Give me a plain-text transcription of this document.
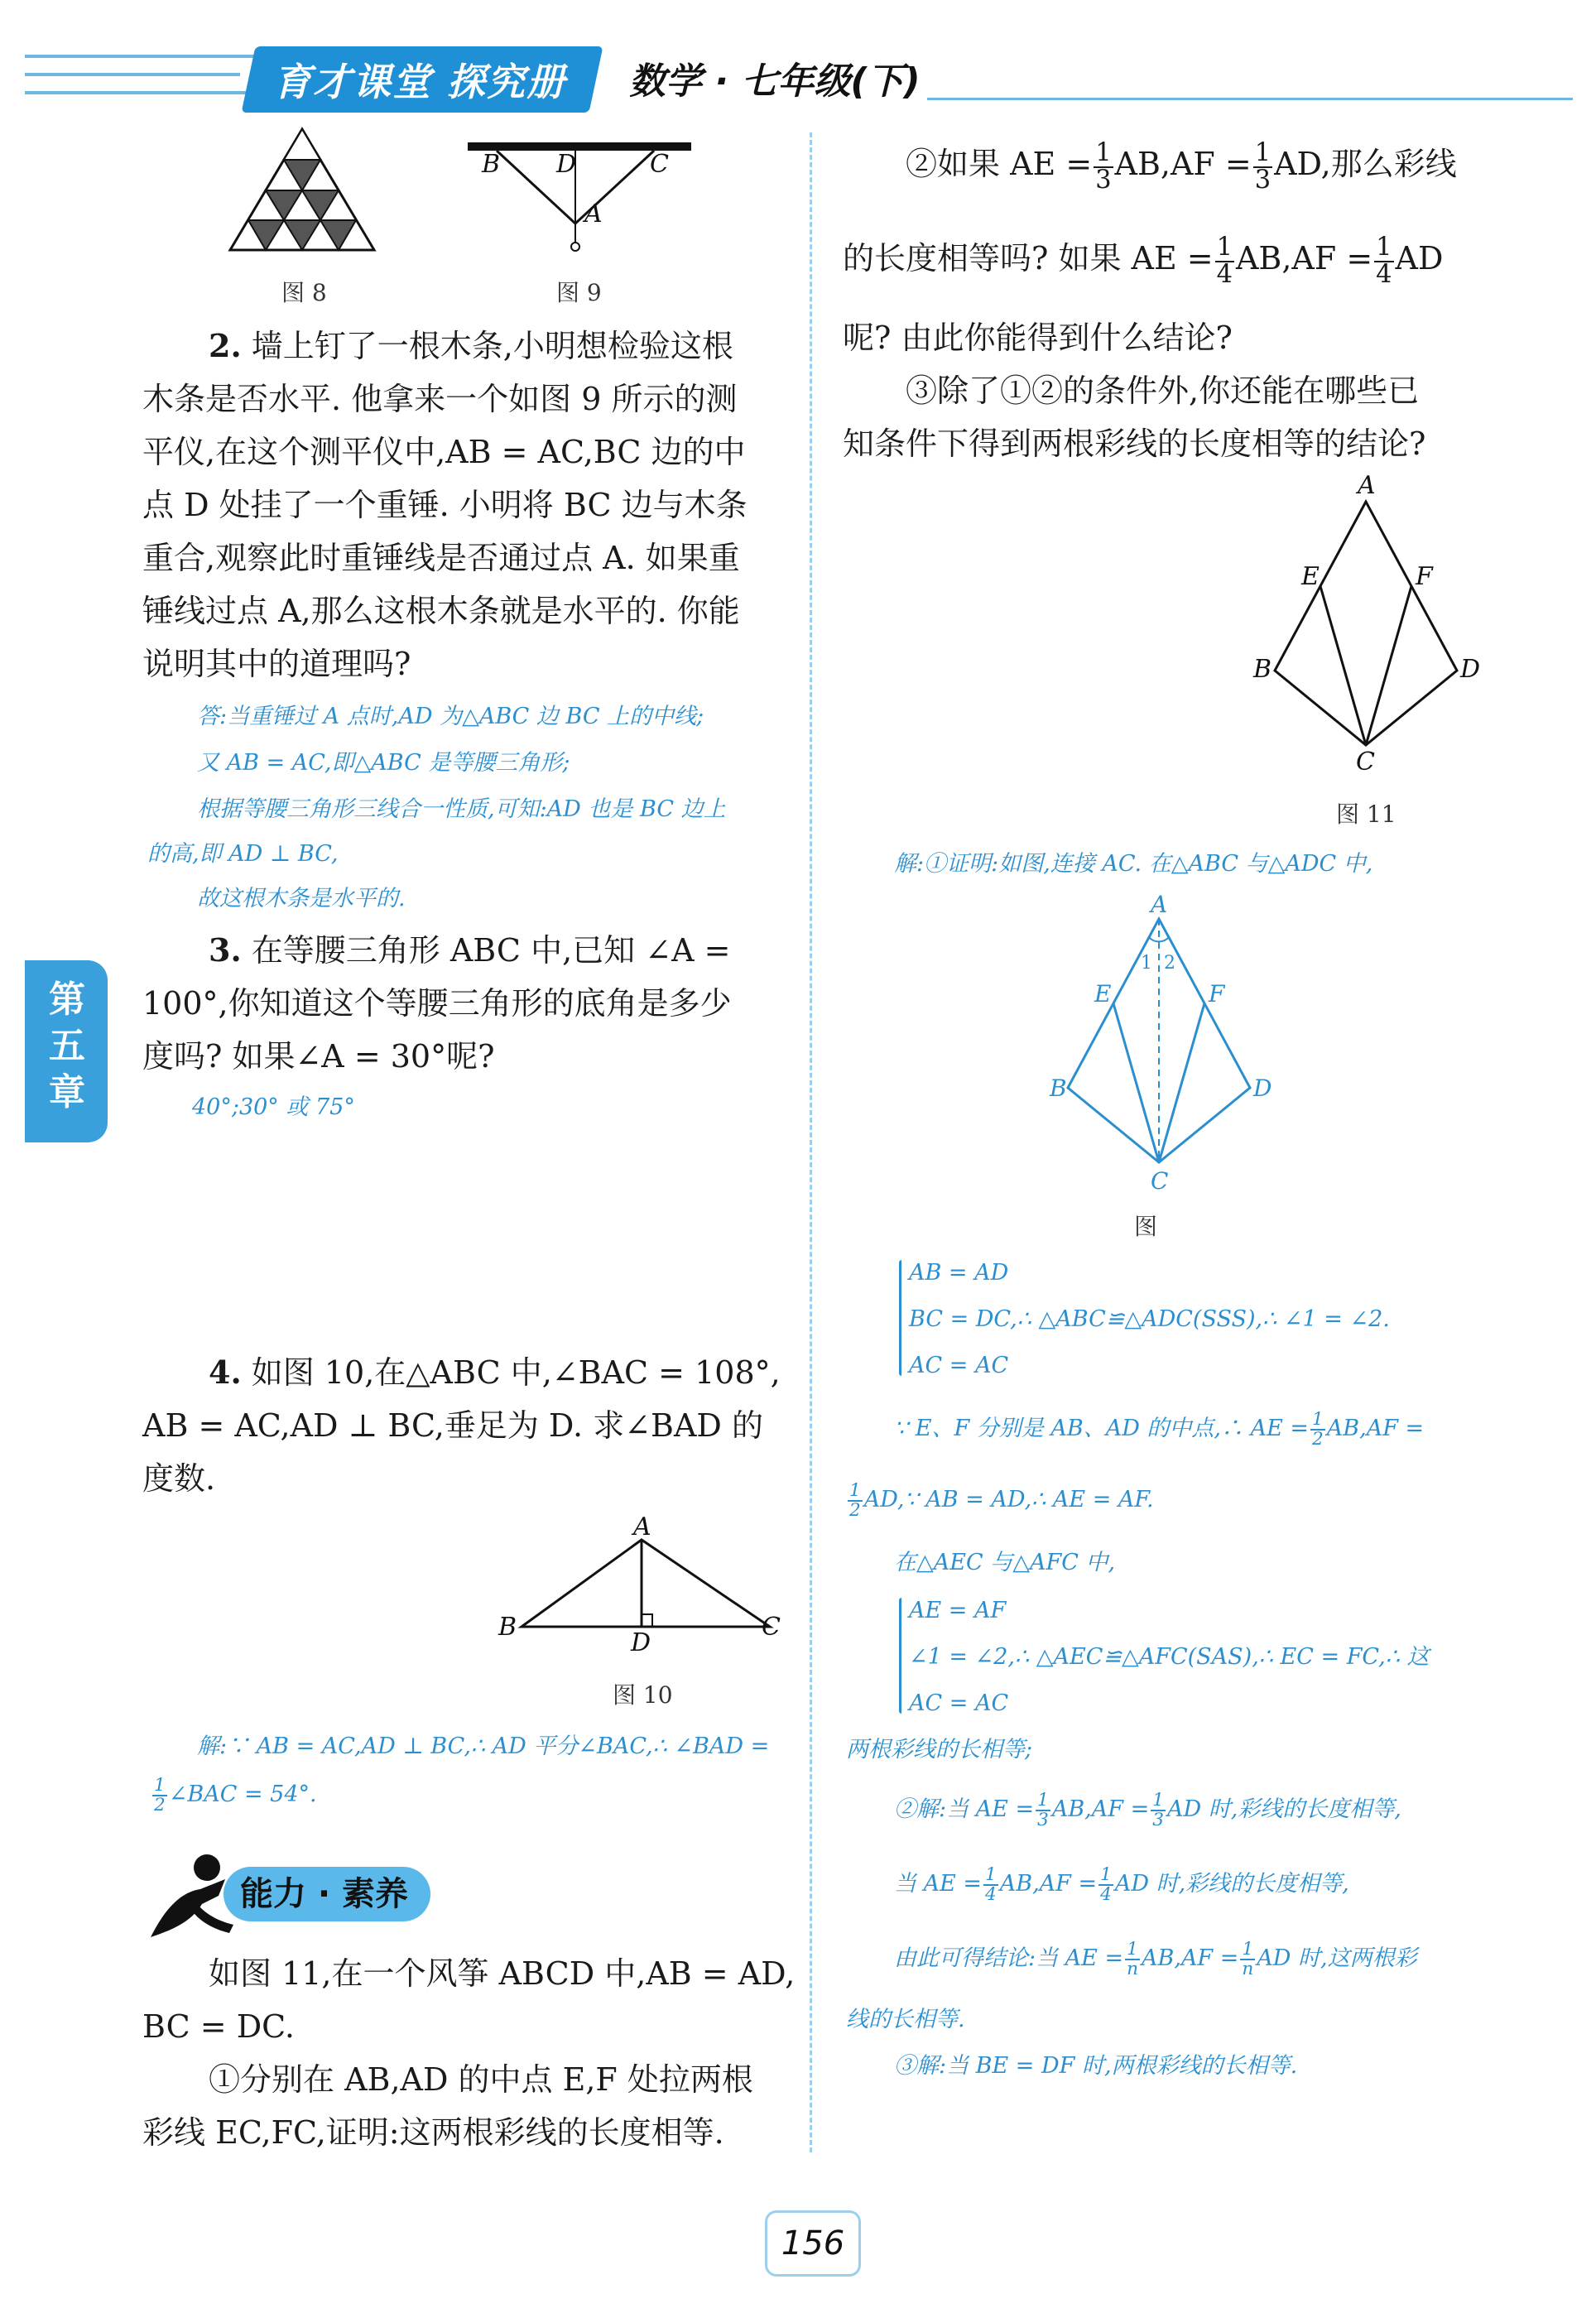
育才课堂 探究册	数学 · 七年级(下)
第五章
图 8
B D	C
A
图 9
2. 墙上钉了一根木条,小明想检验这根
木条是否水平. 他拿来一个如图 9 所示的测
平仪,在这个测平仪中,AB = AC,BC 边的中
点 D 处挂了一个重锤. 小明将 BC 边与木条
重合,观察此时重锤线是否通过点 A. 如果重
锤线过点 A,那么这根木条就是水平的. 你能
说明其中的道理吗?
答:当重锤过 A 点时,AD 为△ABC 边 BC 上的中线;
又 AB = AC,即△ABC 是等腰三角形;
根据等腰三角形三线合一性质,可知:AD 也是 BC 边上
的高,即 AD ⊥ BC,
故这根木条是水平的.
3. 在等腰三角形 ABC 中,已知 ∠A =
100°,你知道这个等腰三角形的底角是多少
度吗? 如果∠A = 30°呢?
40°;30° 或 75°
4. 如图 10,在△ABC 中,∠BAC = 108°,
AB = AC,AD ⊥ BC,垂足为 D. 求∠BAD 的
度数.
A
B	C
D
图 10
解:∵ AB = AC,AD ⊥ BC,∴ AD 平分∠BAC,∴ ∠BAD =
$\frac{1}{2}$ ∠BAC = 54°.
能力 · 素养
如图 11,在一个风筝 ABCD 中,AB = AD,
BC = DC.
①分别在 AB,AD 的中点 E,F 处拉两根
彩线 EC,FC,证明:这两根彩线的长度相等.
②如果 AE = $\frac{1}{3} AB,AF = \frac{1}{3}$ AD,那么彩线
的长度相等吗? 如果 AE = $\frac{1}{4} AB,AF = \frac{1}{4}$ AD
呢? 由此你能得到什么结论?
③除了①②的条件外,你还能在哪些已
知条件下得到两根彩线的长度相等的结论?
A
E	F
B	D
C
图 11
解:①证明:如图,连接 AC. 在△ABC 与△ADC 中,
A
1 2
E	F
B	D
C
图
AB = AD
BC = DC,∴ △ABC≌△ADC(SSS),∴ ∠1 = ∠2.
AC = AC
∵ E、F 分别是 AB、AD 的中点,∴ AE = $\frac{1}{2} AB,AF$ =
$\frac{1}{2}$ AD,∵ AB = AD,∴ AE = AF.
在△AEC 与△AFC 中,
AE = AF
∠1 = ∠2,∴ △AEC≌△AFC(SAS),∴ EC = FC,∴ 这
AC = AC
两根彩线的长相等;
②解:当 AE = $\frac{1}{3} AB,AF = \frac{1}{3}$ AD 时,彩线的长度相等,
当 AE = $\frac{1}{4} AB,AF = \frac{1}{4}$ AD 时,彩线的长度相等,
由此可得结论:当 AE = $\frac{1}{n} AB,AF = \frac{1}{n}$ AD 时,这两根彩
线的长相等.
③解:当 BE = DF 时,两根彩线的长相等.
156
